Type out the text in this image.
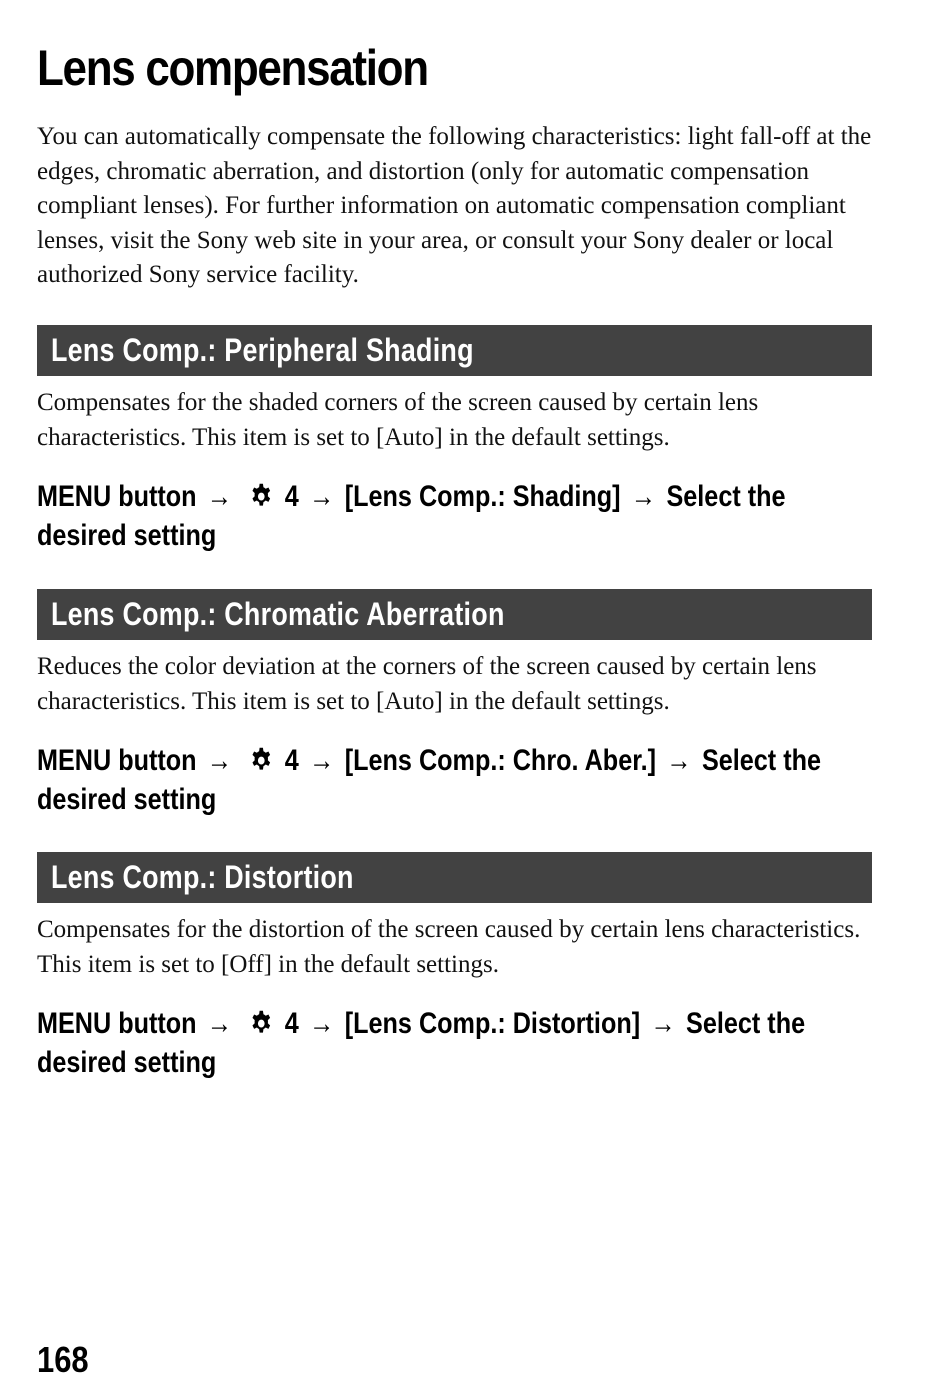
Lens compensation

You can automatically compensate the following characteristics: light fall-off at the edges, chromatic aberration, and distortion (only for automatic compensation compliant lenses). For further information on automatic compensation compliant lenses, visit the Sony web site in your area, or consult your Sony dealer or local authorized Sony service facility.

Lens Comp.: Peripheral Shading

Compensates for the shaded corners of the screen caused by certain lens characteristics. This item is set to [Auto] in the default settings.

MENU button → 4 → [Lens Comp.: Shading] → Select the
desired setting
Lens Comp.: Chromatic Aberration

Reduces the color deviation at the corners of the screen caused by certain lens characteristics. This item is set to [Auto] in the default settings.

MENU button → 4 → [Lens Comp.: Chro. Aber.] → Select the
desired setting
Lens Comp.: Distortion

Compensates for the distortion of the screen caused by certain lens characteristics. This item is set to [Off] in the default settings.

MENU button → 4 → [Lens Comp.: Distortion] → Select the
desired setting
168
